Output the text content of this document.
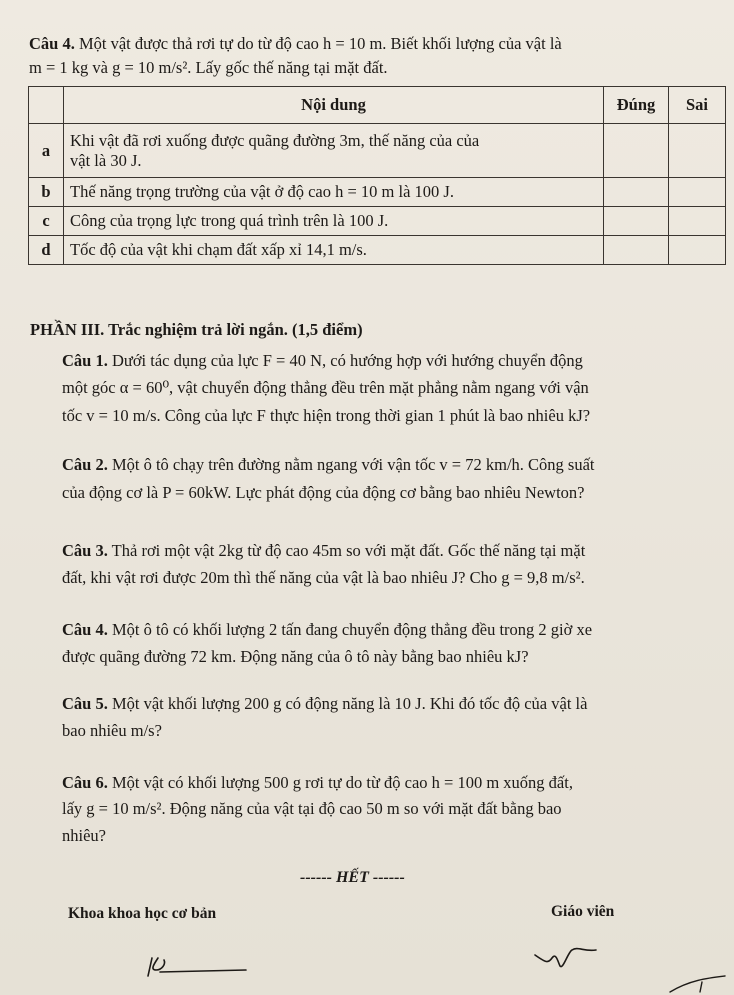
Câu 4. Một vật được thả rơi tự do từ độ cao h = 10 m. Biết khối lượng của vật là
m = 1 kg và g = 10 m/s². Lấy gốc thế năng tại mặt đất.
	Nội dung	Đúng	Sai
a	Khi vật đã rơi xuống được quãng đường 3m, thế năng của của
vật là 30 J.		

b	Thế năng trọng trường của vật ở độ cao h = 10 m là 100 J.		
c	Công của trọng lực trong quá trình trên là 100 J.		
d	Tốc độ của vật khi chạm đất xấp xỉ 14,1 m/s.		
PHẦN III. Trắc nghiệm trả lời ngắn. (1,5 điểm)
Câu 1. Dưới tác dụng của lực F = 40 N, có hướng hợp với hướng chuyển động
một góc α = 60⁰, vật chuyển động thẳng đều trên mặt phẳng nằm ngang với vận
tốc v = 10 m/s. Công của lực F thực hiện trong thời gian 1 phút là bao nhiêu kJ?
Câu 2. Một ô tô chạy trên đường nằm ngang với vận tốc v = 72 km/h. Công suất
của động cơ là P = 60kW. Lực phát động của động cơ bằng bao nhiêu Newton?
Câu 3. Thả rơi một vật 2kg từ độ cao 45m so với mặt đất. Gốc thế năng tại mặt
đất, khi vật rơi được 20m thì thế năng của vật là bao nhiêu J? Cho g = 9,8 m/s².
Câu 4. Một ô tô có khối lượng 2 tấn đang chuyển động thẳng đều trong 2 giờ xe
được quãng đường 72 km. Động năng của ô tô này bằng bao nhiêu kJ?
Câu 5. Một vật khối lượng 200 g có động năng là 10 J. Khi đó tốc độ của vật là
bao nhiêu m/s?
Câu 6. Một vật có khối lượng 500 g rơi tự do từ độ cao h = 100 m xuống đất,
lấy g = 10 m/s². Động năng của vật tại độ cao 50 m so với mặt đất bằng bao
nhiêu?
------ HẾT ------
Khoa khoa học cơ bản	Giáo viên
